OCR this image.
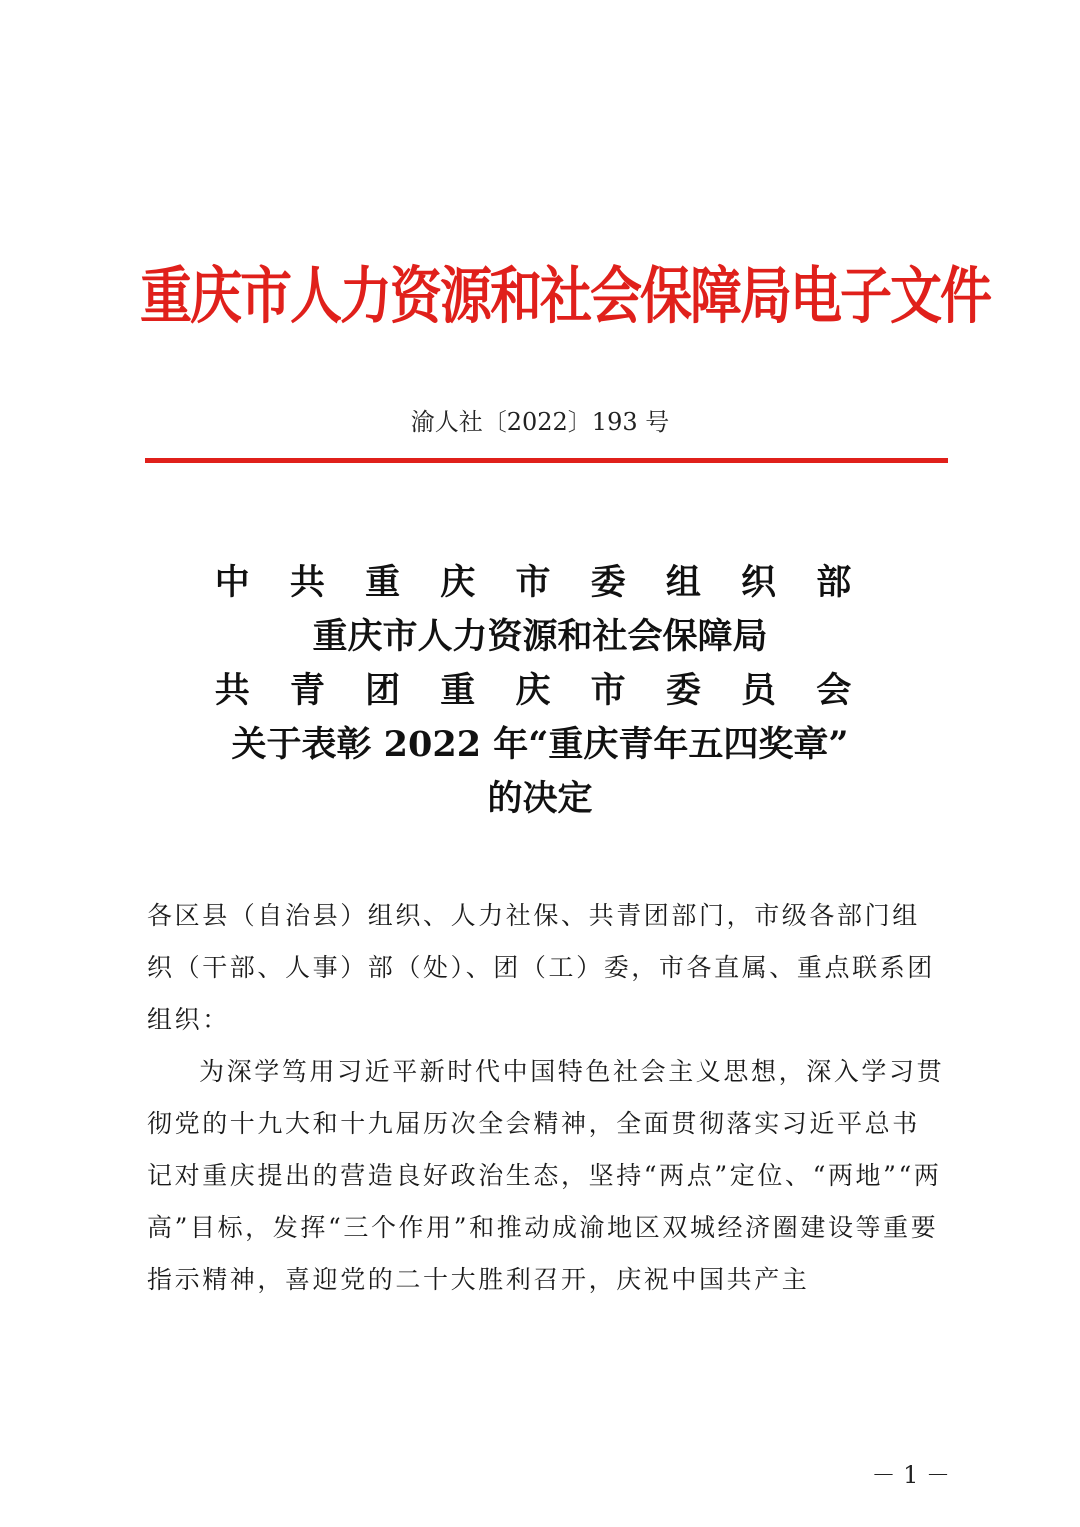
重庆市人力资源和社会保障局电子文件
渝人社〔2022〕193 号
中 共 重 庆 市 委 组 织 部
重庆市人力资源和社会保障局
共 青 团 重 庆 市 委 员 会
关于表彰 2022 年“重庆青年五四奖章”
的决定

各区县（自治县）组织、人力社保、共青团部门，市级各部门组织（干部、人事）部（处）、团（工）委，市各直属、重点联系团组织：

为深学笃用习近平新时代中国特色社会主义思想，深入学习贯彻党的十九大和十九届历次全会精神，全面贯彻落实习近平总书记对重庆提出的营造良好政治生态，坚持“两点”定位、“两地”“两高”目标，发挥“三个作用”和推动成渝地区双城经济圈建设等重要指示精神，喜迎党的二十大胜利召开，庆祝中国共产主

－ 1 －
